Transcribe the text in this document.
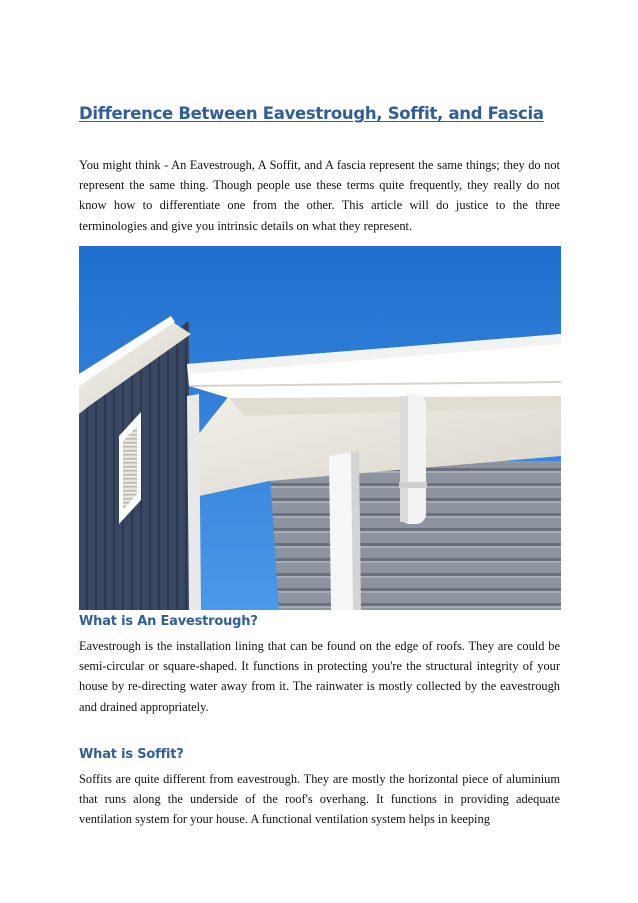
Difference Between Eavestrough, Soffit, and Fascia

You might think - An Eavestrough, A Soffit, and A fascia represent the same things; they do not represent the same thing. Though people use these terms quite frequently, they really do not know how to differentiate one from the other. This article will do justice to the three terminologies and give you intrinsic details on what they represent.

What is An Eavestrough?

Eavestrough is the installation lining that can be found on the edge of roofs. They are could be semi-circular or square-shaped. It functions in protecting you're the structural integrity of your house by re-directing water away from it. The rainwater is mostly collected by the eavestrough and drained appropriately.

What is Soffit?

Soffits are quite different from eavestrough. They are mostly the horizontal piece of aluminium that runs along the underside of the roof's overhang. It functions in providing adequate ventilation system for your house. A functional ventilation system helps in keeping
